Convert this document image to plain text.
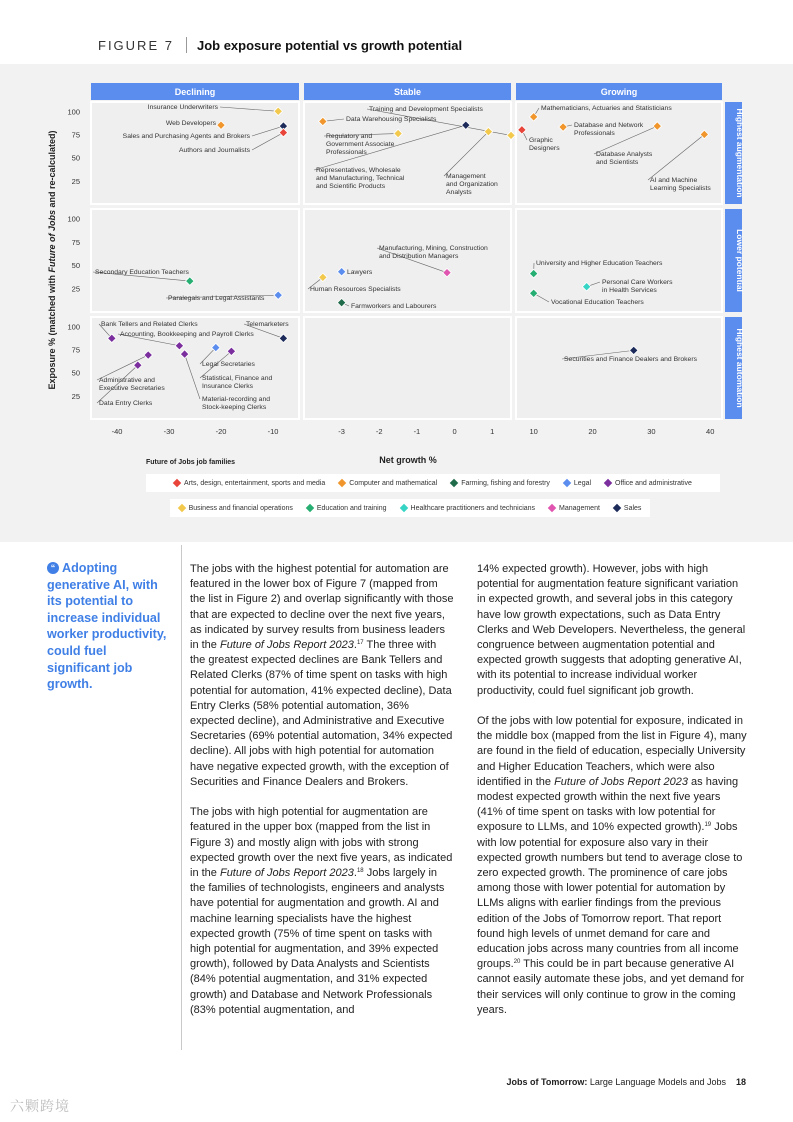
FIGURE 7 Job exposure potential vs growth potential
Declining	Stable	Growing
Highest augmentation
25
50
75
100
Lower potential
25
50
75
100
Highest automation
25
50
75
100
-40	-30	-20	-10	-3	-2	-1	0	1	10	20	30	40
Net growth %
Exposure % (matched with Future of Jobs and re-calculated)
Insurance Underwriters
Web Developers
Sales and Purchasing Agents and Brokers
Authors and Journalists
Training and Development Specialists
Data Warehousing Specialists
Regulatory and Government Associate Professionals
Representatives, Wholesale and Manufacturing, Technical and Scientific Products
Management and Organization Analysts
Mathematicians, Actuaries and Statisticians
Database and Network Professionals
Graphic Designers
Database Analysts and Scientists
AI and Machine Learning Specialists
Secondary Education Teachers
Paralegals and Legal Assistants
Manufacturing, Mining, Construction and Distribution Managers
Lawyers
Human Resources Specialists
Farmworkers and Labourers
University and Higher Education Teachers
Personal Care Workers in Health Services
Vocational Education Teachers
Bank Tellers and Related Clerks	Telemarketers
Accounting, Bookkeeping and Payroll Clerks
Legal Secretaries
Statistical, Finance and Insurance Clerks
Administrative and Executive Secretaries
Material-recording and Stock-keeping Clerks
Data Entry Clerks
Securities and Finance Dealers and Brokers
Future of Jobs job families
Arts, design, entertainment, sports and media	Computer and mathematical	Farming, fishing and forestry	Legal	Office and administrative
Business and financial operations	Education and training	Healthcare practitioners and technicians	Management	Sales
“ Adopting generative AI, with its potential to increase individual worker productivity, could fuel significant job growth.

The jobs with the highest potential for automation are featured in the lower box of Figure 7 (mapped from the list in Figure 2) and overlap significantly with those that are expected to decline over the next five years, as indicated by survey results from business leaders in the Future of Jobs Report 2023.17 The three with the greatest expected declines are Bank Tellers and Related Clerks (87% of time spent on tasks with high potential for automation, 41% expected decline), Data Entry Clerks (58% potential automation, 36% expected decline), and Administrative and Executive Secretaries (69% potential automation, 34% expected decline). All jobs with high potential for automation have negative expected growth, with the exception of Securities and Finance Dealers and Brokers.

The jobs with high potential for augmentation are featured in the upper box (mapped from the list in Figure 3) and mostly align with jobs with strong expected growth over the next five years, as indicated in the Future of Jobs Report 2023.18 Jobs largely in the families of technologists, engineers and analysts have potential for augmentation and growth. AI and machine learning specialists have the highest expected growth (75% of time spent on tasks with high potential for augmentation, and 39% expected growth), followed by Data Analysts and Scientists (84% potential augmentation, and 31% expected growth) and Database and Network Professionals (83% potential augmentation, and

14% expected growth). However, jobs with high potential for augmentation feature significant variation in expected growth, and several jobs in this category have low growth expectations, such as Data Entry Clerks and Web Developers. Nevertheless, the general congruence between augmentation potential and expected growth suggests that adopting generative AI, with its potential to increase individual worker productivity, could fuel significant job growth.

Of the jobs with low potential for exposure, indicated in the middle box (mapped from the list in Figure 4), many are found in the field of education, especially University and Higher Education Teachers, which were also identified in the Future of Jobs Report 2023 as having modest expected growth within the next five years (41% of time spent on tasks with low potential for exposure to LLMs, and 10% expected growth).$^{19}$ Jobs with low potential for exposure also vary in their expected growth numbers but tend to average close to zero expected growth. The prominence of care jobs among those with lower potential for automation by LLMs aligns with earlier findings from the previous edition of the Jobs of Tomorrow report. That report found high levels of unmet demand for care and education jobs across many countries from all income groups.$^{20}$ This could be in part because generative AI cannot easily automate these jobs, and yet demand for their services will only continue to grow in the coming years.

Jobs of Tomorrow: Large Language Models and Jobs 18
六颗跨境
